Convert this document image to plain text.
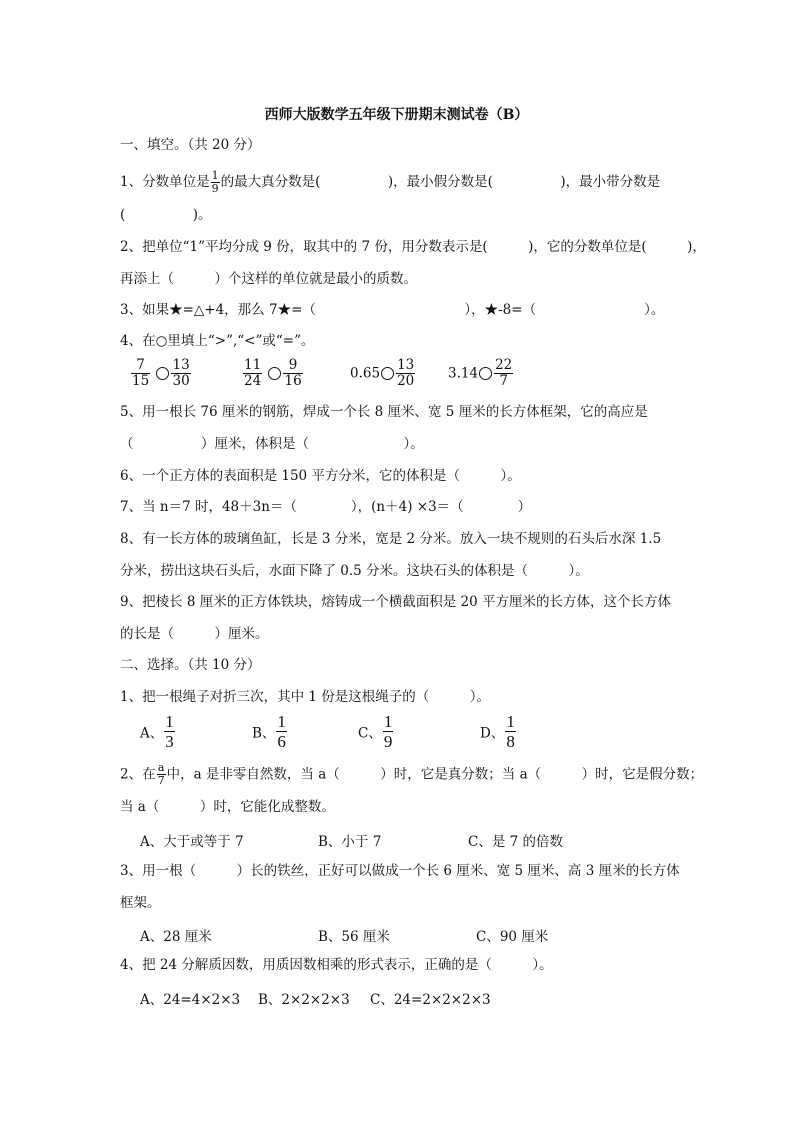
西师大版数学五年级下册期末测试卷（B）
一、填空。（共 20 分）
1、分数单位是 $\frac{1}{9}$ 的最大真分数是(　　　　　)，最小假分数是(　　　　　)，最小带分数是
(　　　　　)。
2、把单位“1”平均分成 9 份，取其中的 7 份，用分数表示是(　　　)，它的分数单位是(　　　)，
再添上（　　　）个这样的单位就是最小的质数。
3、如果★=△+4，那么 7★=（　　　　　　　　　　　），★-8=（　　　　　　　　）。
4、在○里填上“>”,“<”或“=”。
$\frac{7}{15}$
$\frac{13}{30}$	$\frac{11}{24}$
$\frac{9}{16}$	$0.65 \frac{13}{20} 3.14 \frac{22}{7}$
5、用一根长 76 厘米的钢筋，焊成一个长 8 厘米、宽 5 厘米的长方体框架，它的高应是
（　　　　　）厘米，体积是（　　　　　　　）。
6、一个正方体的表面积是 150 平方分米，它的体积是（　　　）。
7、当 n＝7 时，48＋3n＝（　　　　），(n＋4) ×3＝（　　　　）
8、有一长方体的玻璃鱼缸，长是 3 分米，宽是 2 分米。放入一块不规则的石头后水深 1.5
分米，捞出这块石头后，水面下降了 0.5 分米。这块石头的体积是（　　　）。
9、把棱长 8 厘米的正方体铁块，熔铸成一个横截面积是 20 平方厘米的长方体，这个长方体
的长是（　　　）厘米。
二、选择。（共 10 分）
1、把一根绳子对折三次，其中 1 份是这根绳子的（　　　）。
A、 $\frac{1}{3}$	B、 $\frac{1}{6}$	C、 $\frac{1}{9}$	D、 $\frac{1}{8}$
2、在 $\frac{a}{7}$ 中，a 是非零自然数，当 a（　　　）时，它是真分数；当 a（　　　）时，它是假分数；
当 a（　　　）时，它能化成整数。
A、大于或等于 7	B、小于 7	C、是 7 的倍数
3、用一根（　　　）长的铁丝，正好可以做成一个长 6 厘米、宽 5 厘米、高 3 厘米的长方体
框架。
A、28 厘米	B、56 厘米	C、90 厘米
4、把 24 分解质因数，用质因数相乘的形式表示，正确的是（　　　）。
A、24=4×2×3 B、2×2×2×3 C、24=2×2×2×3
